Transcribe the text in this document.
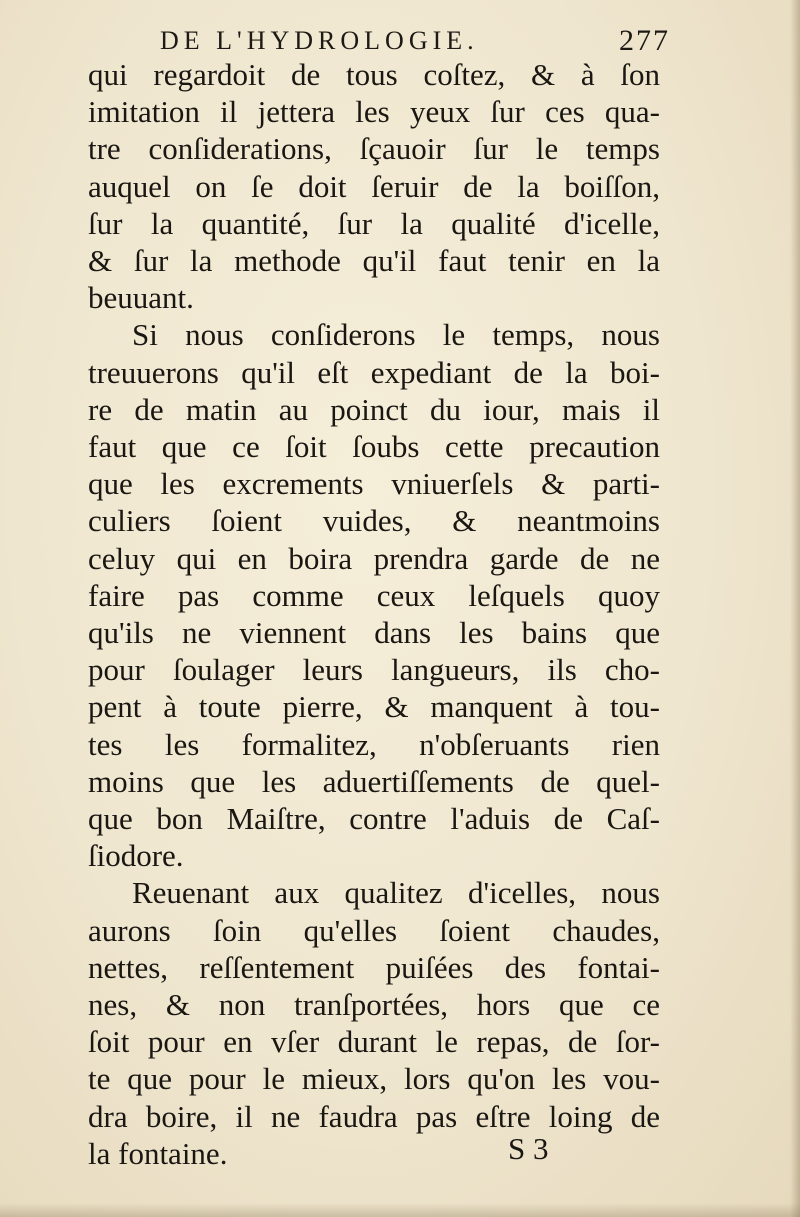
DE L'HYDROLOGIE.	277
qui regardoit de tous coſtez, & à ſon
imitation il jettera les yeux ſur ces qua-
tre conſiderations, ſçauoir ſur le temps
auquel on ſe doit ſeruir de la boiſſon,
ſur la quantité, ſur la qualité d'icelle,
& ſur la methode qu'il faut tenir en la
beuuant.
Si nous conſiderons le temps, nous
treuuerons qu'il eſt expediant de la boi-
re de matin au poinct du iour, mais il
faut que ce ſoit ſoubs cette precaution
que les excrements vniuerſels & parti-
culiers ſoient vuides, & neantmoins
celuy qui en boira prendra garde de ne
faire pas comme ceux leſquels quoy
qu'ils ne viennent dans les bains que
pour ſoulager leurs langueurs, ils cho-
pent à toute pierre, & manquent à tou-
tes les formalitez, n'obſeruants rien
moins que les aduertiſſements de quel-
que bon Maiſtre, contre l'aduis de Caſ-
ſiodore.
Reuenant aux qualitez d'icelles, nous
aurons ſoin qu'elles ſoient chaudes,
nettes, reſſentement puiſées des fontai-
nes, & non tranſportées, hors que ce
ſoit pour en vſer durant le repas, de ſor-
te que pour le mieux, lors qu'on les vou-
dra boire, il ne faudra pas eſtre loing de
la fontaine.	S 3
